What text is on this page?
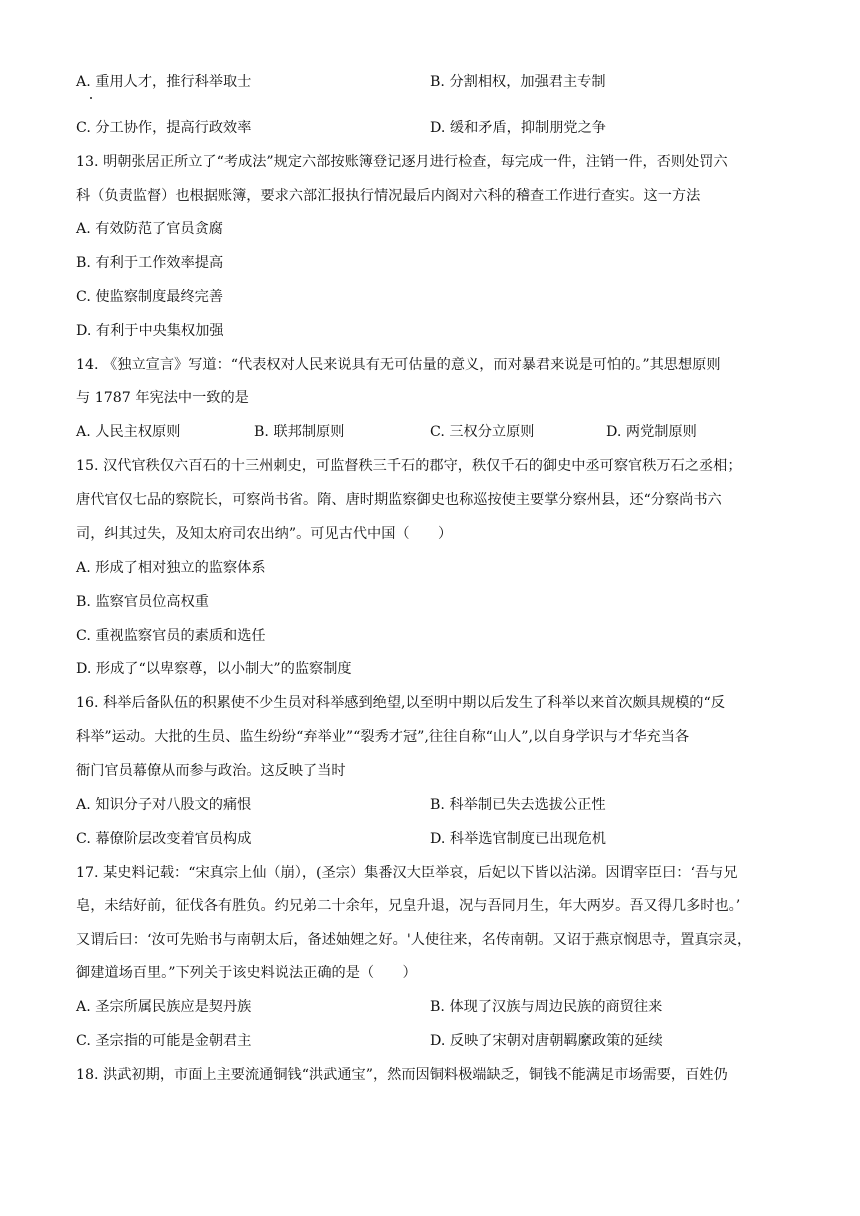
A. 重用人才，推行科举取士	B. 分割相权，加强君主专制
C. 分工协作，提高行政效率	D. 缓和矛盾，抑制朋党之争
13. 明朝张居正所立了“考成法”规定六部按账簿登记逐月进行检查，每完成一件，注销一件，否则处罚六
科（负责监督）也根据账簿，要求六部汇报执行情况最后内阁对六科的稽查工作进行查实。这一方法
A. 有效防范了官员贪腐
B. 有利于工作效率提高
C. 使监察制度最终完善
D. 有利于中央集权加强
14. 《独立宣言》写道：“代表权对人民来说具有无可估量的意义，而对暴君来说是可怕的。”其思想原则
与 1787 年宪法中一致的是
A. 人民主权原则	B. 联邦制原则	C. 三权分立原则	D. 两党制原则
15. 汉代官秩仅六百石的十三州刺史，可监督秩三千石的郡守，秩仅千石的御史中丞可察官秩万石之丞相；
唐代官仅七品的察院长，可察尚书省。隋、唐时期监察御史也称巡按使主要掌分察州县，还“分察尚书六
司，纠其过失，及知太府司农出纳”。可见古代中国（　　）
A. 形成了相对独立的监察体系
B. 监察官员位高权重
C. 重视监察官员的素质和选任
D. 形成了“以卑察尊，以小制大”的监察制度
16. 科举后备队伍的积累使不少生员对科举感到绝望,以至明中期以后发生了科举以来首次颇具规模的“反
科举”运动。大批的生员、监生纷纷“弃举业”“裂秀才冠”,往往自称“山人”,以自身学识与才华充当各
衙门官员幕僚从而参与政治。这反映了当时
A. 知识分子对八股文的痛恨	B. 科举制已失去选拔公正性
C. 幕僚阶层改变着官员构成	D. 科举选官制度已出现危机
17. 某史料记载：“宋真宗上仙（崩），(圣宗）集番汉大臣举哀，后妃以下皆以沾涕。因谓宰臣曰：‘吾与兄
皂，未结好前，征伐各有胜负。约兄弟二十余年，兄皇升退，况与吾同月生，年大两岁。吾又得几多时也。’
又谓后曰：‘汝可先贻书与南朝太后，备述妯娌之好。'人使往来，名传南朝。又诏于燕京悯思寺，置真宗灵，
御建道场百里。”下列关于该史料说法正确的是（　　）
A. 圣宗所属民族应是契丹族	B. 体现了汉族与周边民族的商贸往来
C. 圣宗指的可能是金朝君主	D. 反映了宋朝对唐朝羁縻政策的延续
18. 洪武初期，市面上主要流通铜钱“洪武通宝”，然而因铜料极端缺乏，铜钱不能满足市场需要，百姓仍
